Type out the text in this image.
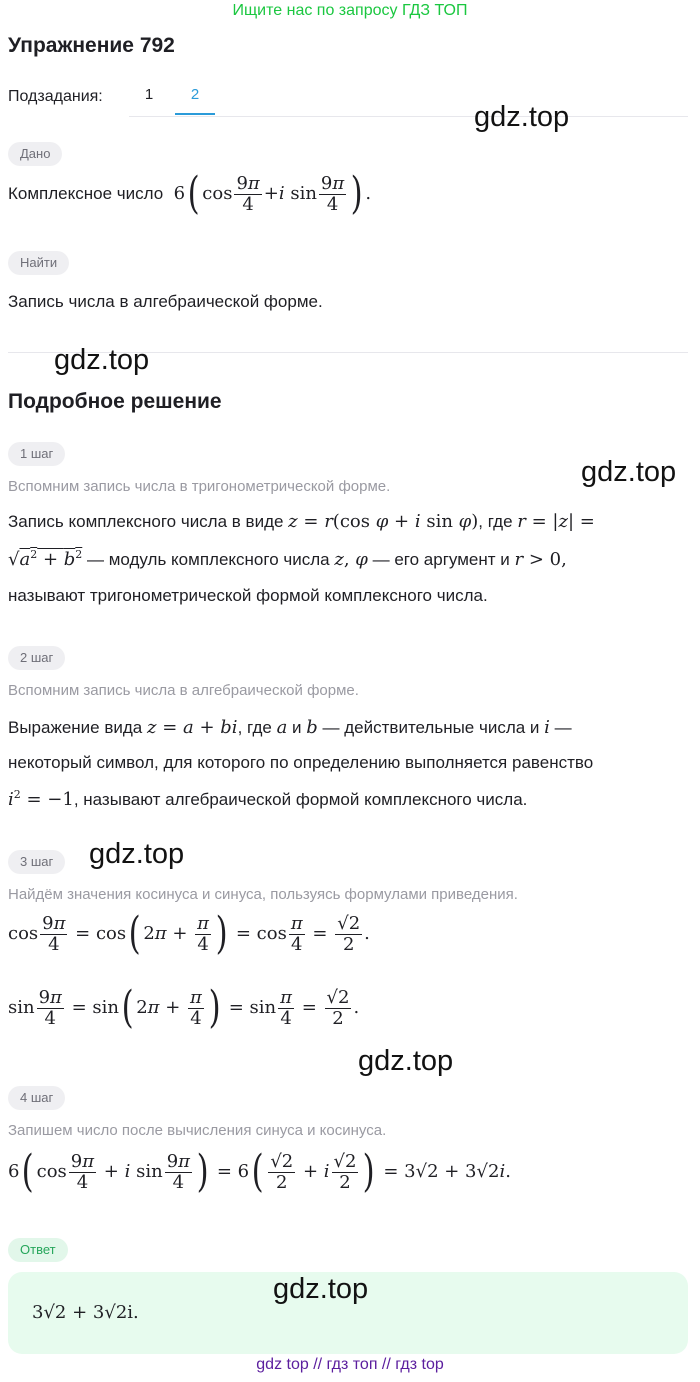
Ищите нас по запросу ГДЗ ТОП
Упражнение 792
Подзадания:	1	2
gdz.top
Дано
Комплексное число  6( $\cos \frac{9\pi}{4} +i$ $\sin \frac{9\pi}{4}$ ) .
Найти
Запись числа в алгебраической форме.
gdz.top
Подробное решение
1 шаг
gdz.top
Вспомним запись числа в тригонометрической форме.
Запись комплексного числа в виде z = r(cos φ + i sin φ), где r = |z| =
$√a^2 + b^2$ — модуль комплексного числа z, φ — его аргумент и r > 0,
называют тригонометрической формой комплексного числа.
2 шаг
Вспомним запись числа в алгебраической форме.
Выражение вида z = a + bi, где a и b — действительные числа и i —
некоторый символ, для которого по определению выполняется равенство
$i^2 = -1$, называют алгебраической формой комплексного числа.
3 шаг	gdz.top
Найдём значения косинуса и синуса, пользуясь формулами приведения.
$\cos \frac{9\pi}{4} = \cos$( $2\pi + \frac{\pi}{4}$ ) = $\cos \frac{\pi}{4} = \frac{√2}{2}$ .
$\sin \frac{9\pi}{4} = \sin$( $2\pi + \frac{\pi}{4}$ ) = $\sin \frac{\pi}{4} = \frac{√2}{2}$ .
gdz.top
4 шаг
Запишем число после вычисления синуса и косинуса.
6( $\cos \frac{9\pi}{4} + i$ $\sin \frac{9\pi}{4}$ ) = $6( \frac{√2}{2} + i \frac{√2}{2}$ ) = 3√2 + 3√2i.
Ответ
3√2 + 3√2i.
gdz.top
gdz top // гдз топ // гдз top
